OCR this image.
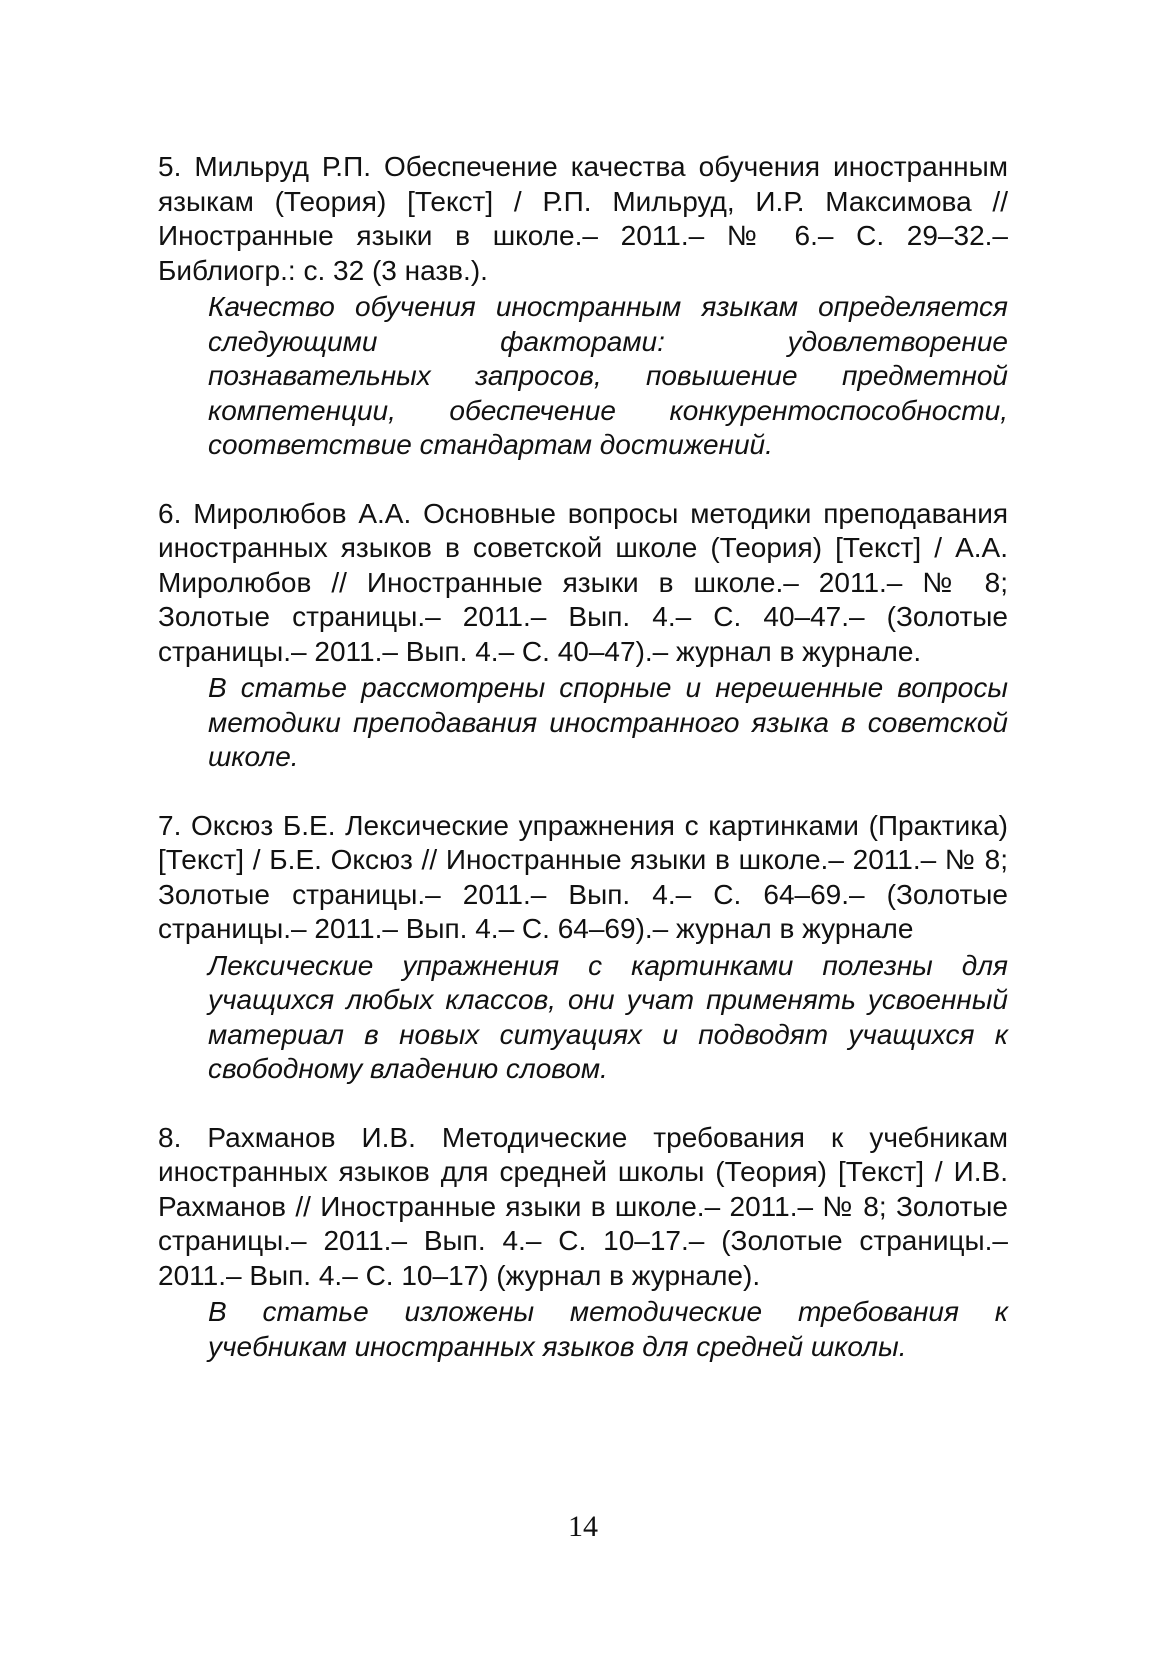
5. Мильруд Р.П. Обеспечение качества обучения иностранным языкам (Теория) [Текст] / Р.П. Мильруд, И.Р. Максимова // Иностранные языки в школе.– 2011.– № 6.– С. 29–32.– Библиогр.: с. 32 (3 назв.).
Качество обучения иностранным языкам определяется следующими факторами: удовлетворение познавательных запросов, повышение предметной компетенции, обеспечение конкурентоспособности, соответствие стандартам достижений.
6. Миролюбов А.А. Основные вопросы методики преподавания иностранных языков в советской школе (Теория) [Текст] / А.А. Миролюбов // Иностранные языки в школе.– 2011.– № 8; Золотые страницы.– 2011.– Вып. 4.– С. 40–47.– (Золотые страницы.– 2011.– Вып. 4.– С. 40–47).– журнал в журнале.
В статье рассмотрены спорные и нерешенные вопросы методики преподавания иностранного языка в советской школе.
7. Оксюз Б.Е. Лексические упражнения с картинками (Практика) [Текст] / Б.Е. Оксюз // Иностранные языки в школе.– 2011.– № 8; Золотые страницы.– 2011.– Вып. 4.– С. 64–69.– (Золотые страницы.– 2011.– Вып. 4.– С. 64–69).– журнал в журнале
Лексические упражнения с картинками полезны для учащихся любых классов, они учат применять усвоенный материал в новых ситуациях и подводят учащихся к свободному владению словом.
8. Рахманов И.В. Методические требования к учебникам иностранных языков для средней школы (Теория) [Текст] / И.В. Рахманов // Иностранные языки в школе.– 2011.– № 8; Золотые страницы.– 2011.– Вып. 4.– С. 10–17.– (Золотые страницы.– 2011.– Вып. 4.– С. 10–17) (журнал в журнале).
В статье изложены методические требования к учебникам иностранных языков для средней школы.
14
